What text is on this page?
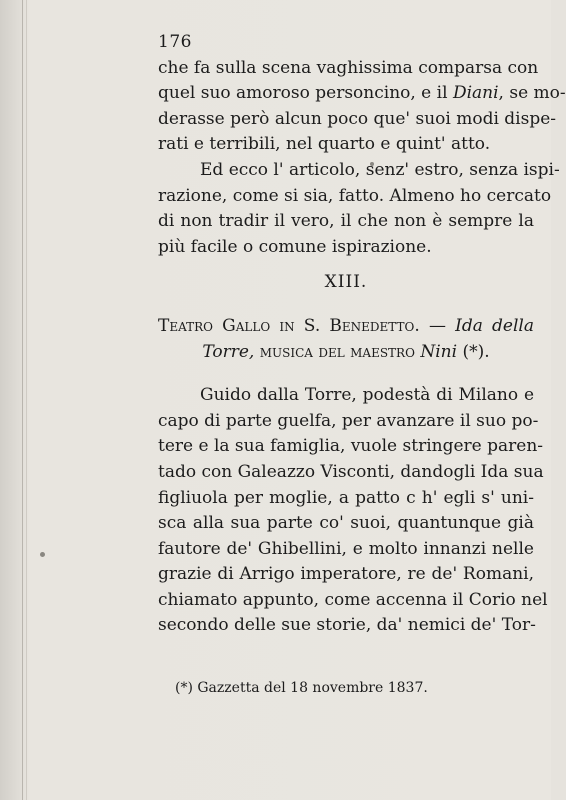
176
che fa sulla scena vaghissima comparsa con
quel suo amoroso personcino, e il Diani, se mo-
derasse però alcun poco que' suoi modi dispe-
rati e terribili, nel quarto e quint' atto.
Ed ecco l' articolo, senz' estro, senza ispi-
razione, come si sia, fatto. Almeno ho cercato
di non tradir il vero, il che non è sempre la
più facile o comune ispirazione.
XIII.
Teatro Gallo in S. Benedetto. — Ida della
Torre, musica del maestro Nini (*).
Guido dalla Torre, podestà di Milano e
capo di parte guelfa, per avanzare il suo po-
tere e la sua famiglia, vuole stringere paren-
tado con Galeazzo Visconti, dandogli Ida sua
figliuola per moglie, a patto c h' egli s' uni-
sca alla sua parte co' suoi, quantunque già
fautore de' Ghibellini, e molto innanzi nelle
grazie di Arrigo imperatore, re de' Romani,
chiamato appunto, come accenna il Corio nel
secondo delle sue storie, da' nemici de' Tor-
(*) Gazzetta del 18 novembre 1837.
